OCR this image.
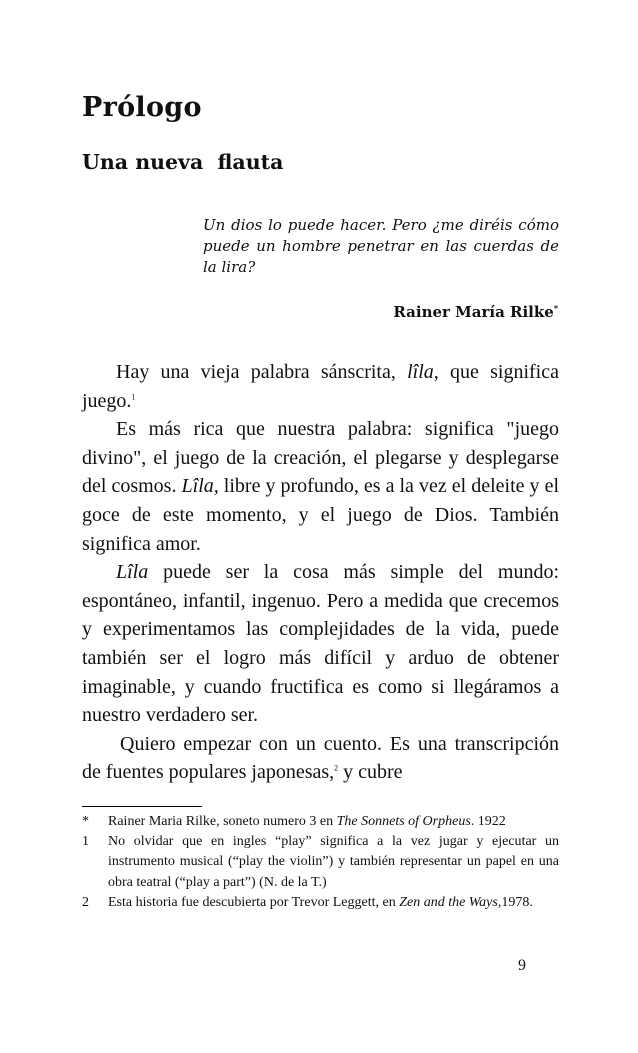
Prólogo
Una nueva  flauta

Un dios lo puede hacer. Pero ¿me diréis cómo puede un hombre penetrar en las cuerdas de la lira?

Rainer María Rilke*

Hay una vieja palabra sánscrita, lîla, que significa juego.$^1$

Es más rica que nuestra palabra: significa "juego divino", el juego de la creación, el plegarse y desplegarse del cosmos. Lîla, libre y profundo, es a la vez el deleite y el goce de este momento, y el juego de Dios. También significa amor.

Lîla puede ser la cosa más simple del mundo: espontáneo, infantil, ingenuo. Pero a medida que crecemos y experimentamos las complejidades de la vida, puede también ser el logro más difícil y arduo de obtener imaginable, y cuando fructifica es como si llegáramos a nuestro verdadero ser.

Quiero empezar con un cuento. Es una transcripción de fuentes populares japonesas,$^2$ y cubre

* Rainer Maria Rilke, soneto numero 3 en The Sonnets of Orpheus. 1922

1 No olvidar que en ingles “play” significa a la vez jugar y ejecutar un instrumento musical (“play the violin”) y también representar un papel en una obra teatral (“play a part”) (N. de la T.)

2 Esta historia fue descubierta por Trevor Leggett, en Zen and the Ways,1978.

9
